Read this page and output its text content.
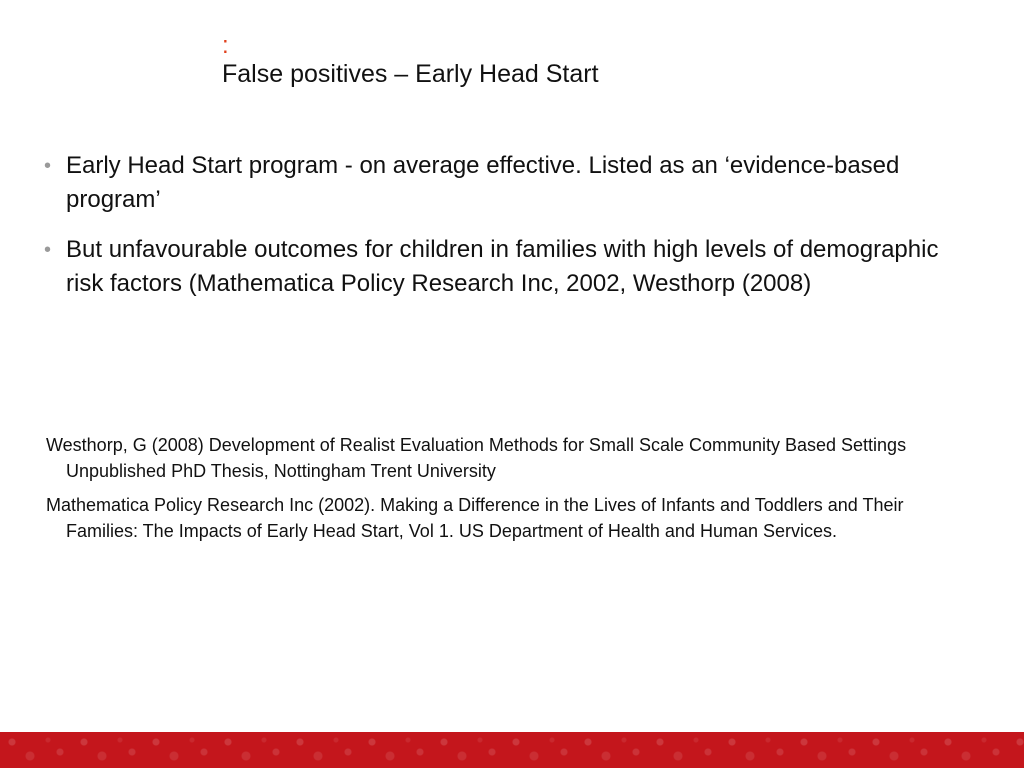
:
False positives – Early Head Start
• Early Head Start program - on average effective. Listed as an ‘evidence-based program’
• But unfavourable outcomes for children in families with high levels of demographic risk factors (Mathematica Policy Research Inc, 2002, Westhorp (2008)

Westhorp, G (2008) Development of Realist Evaluation Methods for Small Scale Community Based Settings Unpublished PhD Thesis, Nottingham Trent University

Mathematica Policy Research Inc (2002). Making a Difference in the Lives of Infants and Toddlers and Their Families: The Impacts of Early Head Start, Vol 1. US Department of Health and Human Services.
